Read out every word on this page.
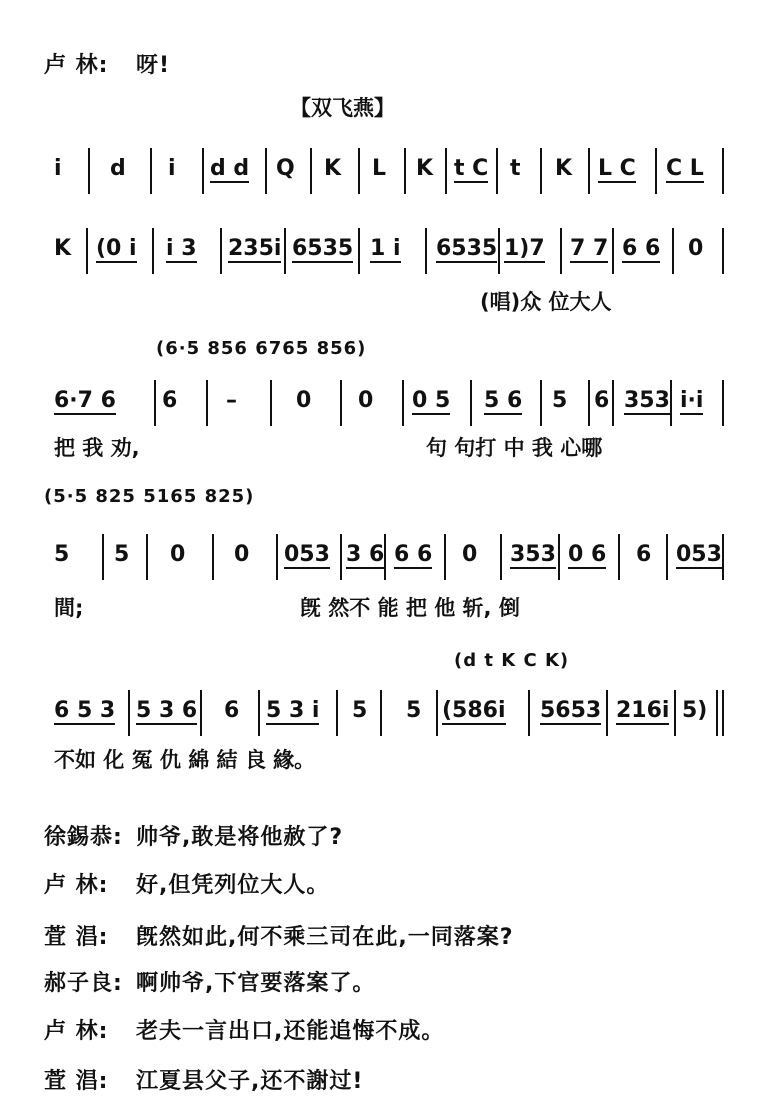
卢 林: 呀!
【双飞燕】
i d i d d Q K L K t C t K L C C L
K (0 i i 3 235i 6535 1 i 6535 1)7 7 7 6 6 0
(唱)众 位大人
(6·5 856 6765 856)
6·7 6 6 –	0 0 0 5 5 6 5 6 353 i·i
把 我 劝,	句 句打 中 我 心哪
(5·5 825 5165 825)
5 5 0 0 053 3 6 6 6 0 353 0 6 6 053
間;	旣 然不 能 把 他 斩, 倒
(d t K C K)
6 5 3 5 3 6 6 5 3 i 5 5 (586i 5653 216i 5)
不如 化 冤 仇 綿 結 良 緣。
徐錫恭: 帅爷,敢是将他赦了?
卢 林: 好,但凭列位大人。
萓 淐: 旣然如此,何不乘三司在此,一同落案?
郝子良: 啊帅爷,下官要落案了。
卢 林: 老夫一言出口,还能追悔不成。
萓 淐: 江夏县父子,还不謝过!
